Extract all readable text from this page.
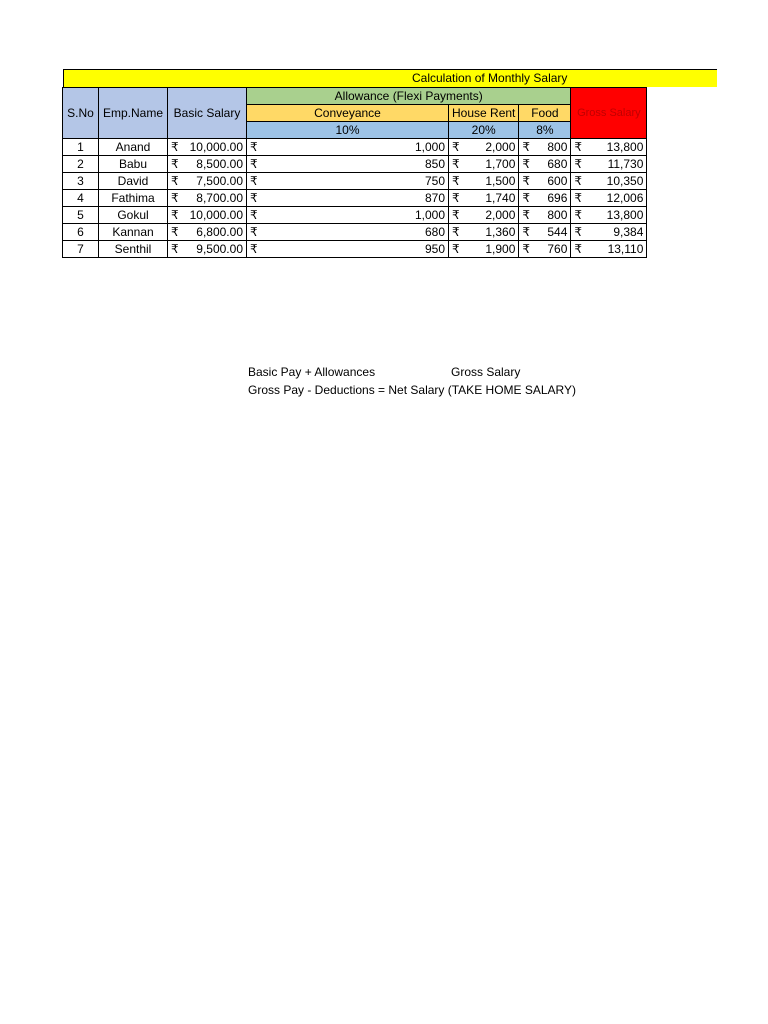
Calculation of Monthly Salary
S.No	Emp.Name	Basic Salary	Allowance (Flexi Payments)			Gross Salary
			Conveyance	House Rent	Food	
			10%	20%	8%	
1	Anand	₹ 10,000.00	₹ 1,000	₹ 2,000	₹ 800	₹ 13,800

2	Babu	₹ 8,500.00	₹ 850	₹ 1,700	₹ 680	₹ 11,730

3	David	₹ 7,500.00	₹ 750	₹ 1,500	₹ 600	₹ 10,350

4	Fathima	₹ 8,700.00	₹ 870	₹ 1,740	₹ 696	₹ 12,006

5	Gokul	₹ 10,000.00	₹ 1,000	₹ 2,000	₹ 800	₹ 13,800

6	Kannan	₹ 6,800.00	₹ 680	₹ 1,360	₹ 544	₹ 9,384

7	Senthil	₹ 9,500.00	₹ 950	₹ 1,900	₹ 760	₹ 13,110
Basic Pay + Allowances	Gross Salary
Gross Pay - Deductions = Net Salary (TAKE HOME SALARY)
